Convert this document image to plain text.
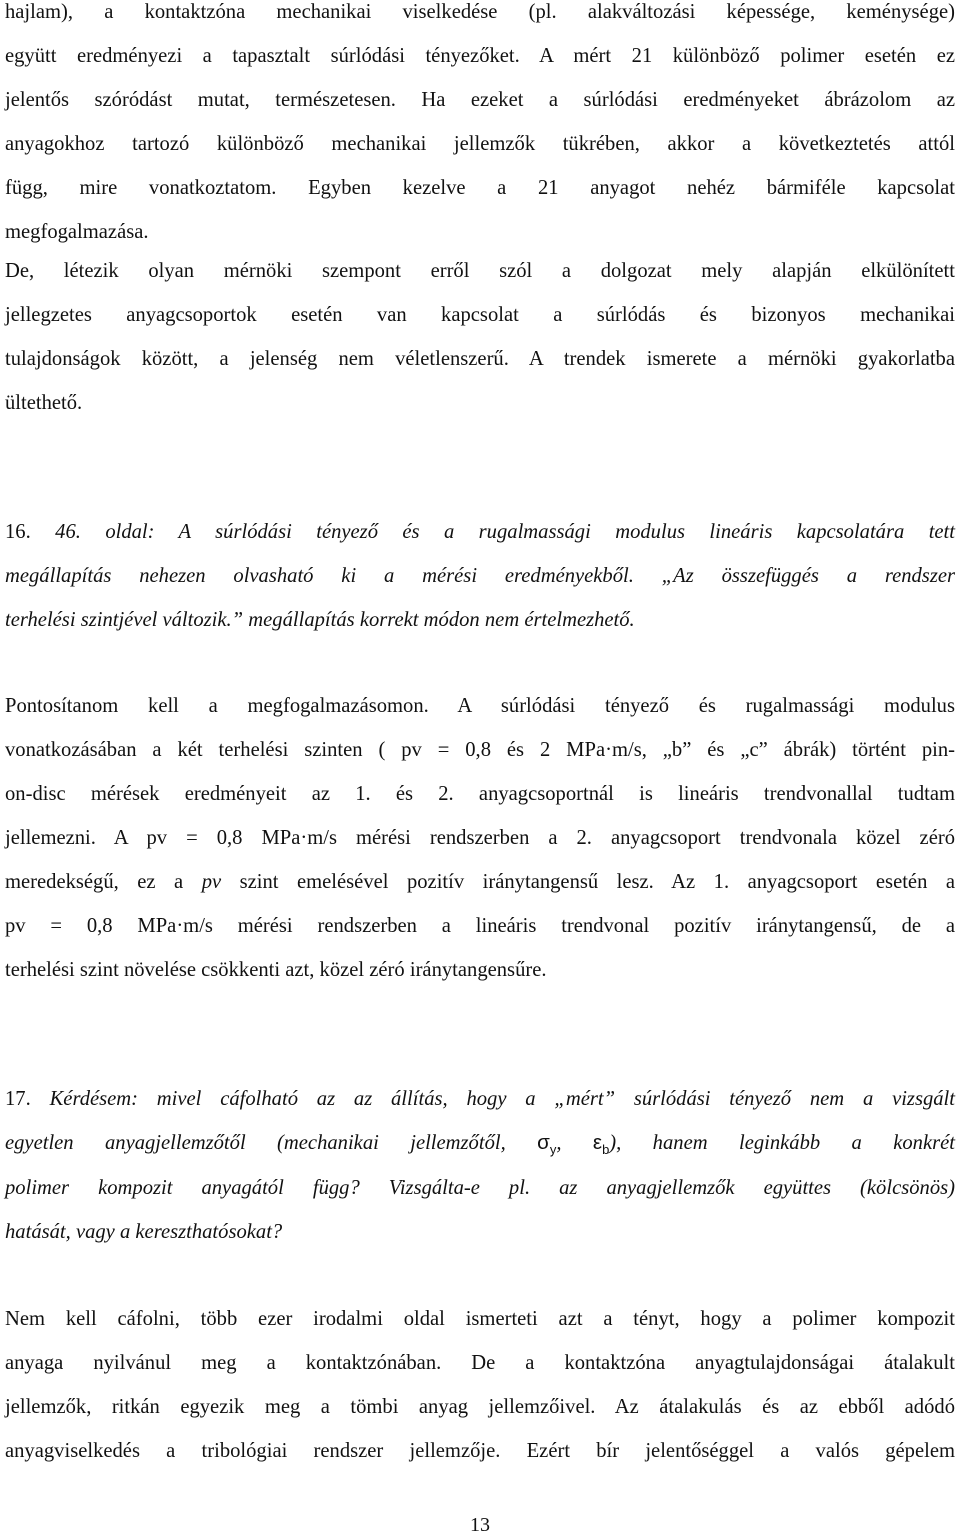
hajlam), a kontaktzóna mechanikai viselkedése (pl. alakváltozási képessége, keménysége)
együtt eredményezi a tapasztalt súrlódási tényezőket. A mért 21 különböző polimer esetén ez
jelentős szóródást mutat, természetesen. Ha ezeket a súrlódási eredményeket ábrázolom az
anyagokhoz tartozó különböző mechanikai jellemzők tükrében, akkor a következtetés attól
függ, mire vonatkoztatom. Egyben kezelve a 21 anyagot nehéz bármiféle kapcsolat
megfogalmazása.
De, létezik olyan mérnöki szempont erről szól a dolgozat mely alapján elkülönített
jellegzetes anyagcsoportok esetén van kapcsolat a súrlódás és bizonyos mechanikai
tulajdonságok között, a jelenség nem véletlenszerű. A trendek ismerete a mérnöki gyakorlatba
ültethető.
16. 46. oldal: A súrlódási tényező és a rugalmassági modulus lineáris kapcsolatára tett
megállapítás nehezen olvasható ki a mérési eredményekből. „Az összefüggés a rendszer
terhelési szintjével változik.” megállapítás korrekt módon nem értelmezhető.
Pontosítanom kell a megfogalmazásomon. A súrlódási tényező és rugalmassági modulus
vonatkozásában a két terhelési szinten ( pv = 0,8 és 2 MPa·m/s, „b” és „c” ábrák) történt pin-
on-disc mérések eredményeit az 1. és 2. anyagcsoportnál is lineáris trendvonallal tudtam
jellemezni. A pv = 0,8 MPa·m/s mérési rendszerben a 2. anyagcsoport trendvonala közel zéró
meredekségű, ez a pv szint emelésével pozitív iránytangensű lesz. Az 1. anyagcsoport esetén a
pv = 0,8 MPa·m/s mérési rendszerben a lineáris trendvonal pozitív iránytangensű, de a
terhelési szint növelése csökkenti azt, közel zéró iránytangensűre.
17. Kérdésem: mivel cáfolható az az állítás, hogy a „mért” súrlódási tényező nem a vizsgált
egyetlen anyagjellemzőtől (mechanikai jellemzőtől, $\sigma_y$, $\varepsilon_b$), hanem leginkább a konkrét
polimer kompozit anyagától függ? Vizsgálta-e pl. az anyagjellemzők együttes (kölcsönös)
hatását, vagy a kereszthatósokat?
Nem kell cáfolni, több ezer irodalmi oldal ismerteti azt a tényt, hogy a polimer kompozit
anyaga nyilvánul meg a kontaktzónában. De a kontaktzóna anyagtulajdonságai átalakult
jellemzők, ritkán egyezik meg a tömbi anyag jellemzőivel. Az átalakulás és az ebből adódó
anyagviselkedés a tribológiai rendszer jellemzője. Ezért bír jelentőséggel a valós gépelem
13
